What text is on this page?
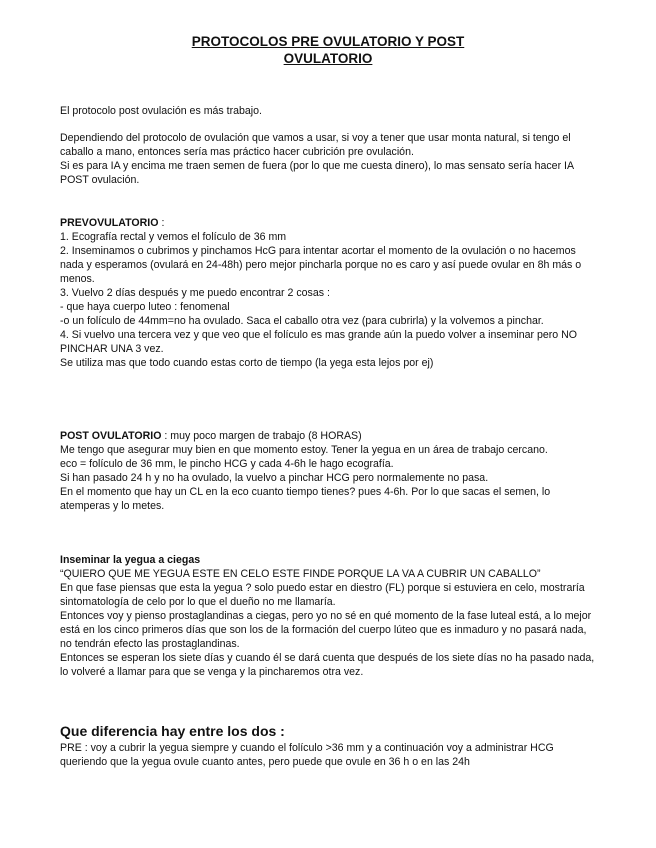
PROTOCOLOS PRE OVULATORIO Y POST
OVULATORIO

El protocolo post ovulación es más trabajo.

Dependiendo del protocolo de ovulación que vamos a usar, si voy a tener que usar monta natural, si tengo el caballo a mano, entonces sería mas práctico hacer cubrición pre ovulación.

Si es para IA y encima me traen semen de fuera (por lo que me cuesta dinero), lo mas sensato sería hacer IA POST ovulación.

PREVOVULATORIO :

1. Ecografía rectal y vemos el folículo de 36 mm

2. Inseminamos o cubrimos y pinchamos HcG para intentar acortar el momento de la ovulación o no hacemos nada y esperamos (ovulará en 24-48h) pero mejor pincharla porque no es caro y así puede ovular en 8h más o menos.

3. Vuelvo 2 días después y me puedo encontrar 2 cosas :

- que haya cuerpo luteo : fenomenal

-o un folículo de 44mm=no ha ovulado. Saca el caballo otra vez (para cubrirla) y la volvemos a pinchar.

4. Si vuelvo una tercera vez y que veo que el folículo es mas grande aún la puedo volver a inseminar pero NO PINCHAR UNA 3 vez.

Se utiliza mas que todo cuando estas corto de tiempo (la yega esta lejos por ej)

POST OVULATORIO : muy poco margen de trabajo (8 HORAS)

Me tengo que asegurar muy bien en que momento estoy. Tener la yegua en un área de trabajo cercano.

eco = folículo de 36 mm, le pincho HCG y cada 4-6h le hago ecografía.

Si han pasado 24 h y no ha ovulado, la vuelvo a pinchar HCG pero normalemente no pasa.

En el momento que hay un CL en la eco cuanto tiempo tienes? pues 4-6h. Por lo que sacas el semen, lo atemperas y lo metes.

Inseminar la yegua a ciegas

“QUIERO QUE ME YEGUA ESTE EN CELO ESTE FINDE PORQUE LA VA A CUBRIR UN CABALLO”

En que fase piensas que esta la yegua ? solo puedo estar en diestro (FL) porque si estuviera en celo, mostraría sintomatología de celo por lo que el dueño no me llamaría.

Entonces voy y pienso prostaglandinas a ciegas, pero yo no sé en qué momento de la fase luteal está, a lo mejor está en los cinco primeros días que son los de la formación del cuerpo lúteo que es inmaduro y no pasará nada, no tendrán efecto las prostaglandinas.

Entonces se esperan los siete días y cuando él se dará cuenta que después de los siete días no ha pasado nada, lo volveré a llamar para que se venga y la pincharemos otra vez.

Que diferencia hay entre los dos :

PRE : voy a cubrir la yegua siempre y cuando el folículo >36 mm y a continuación voy a administrar HCG queriendo que la yegua ovule cuanto antes, pero puede que ovule en 36 h o en las 24h
